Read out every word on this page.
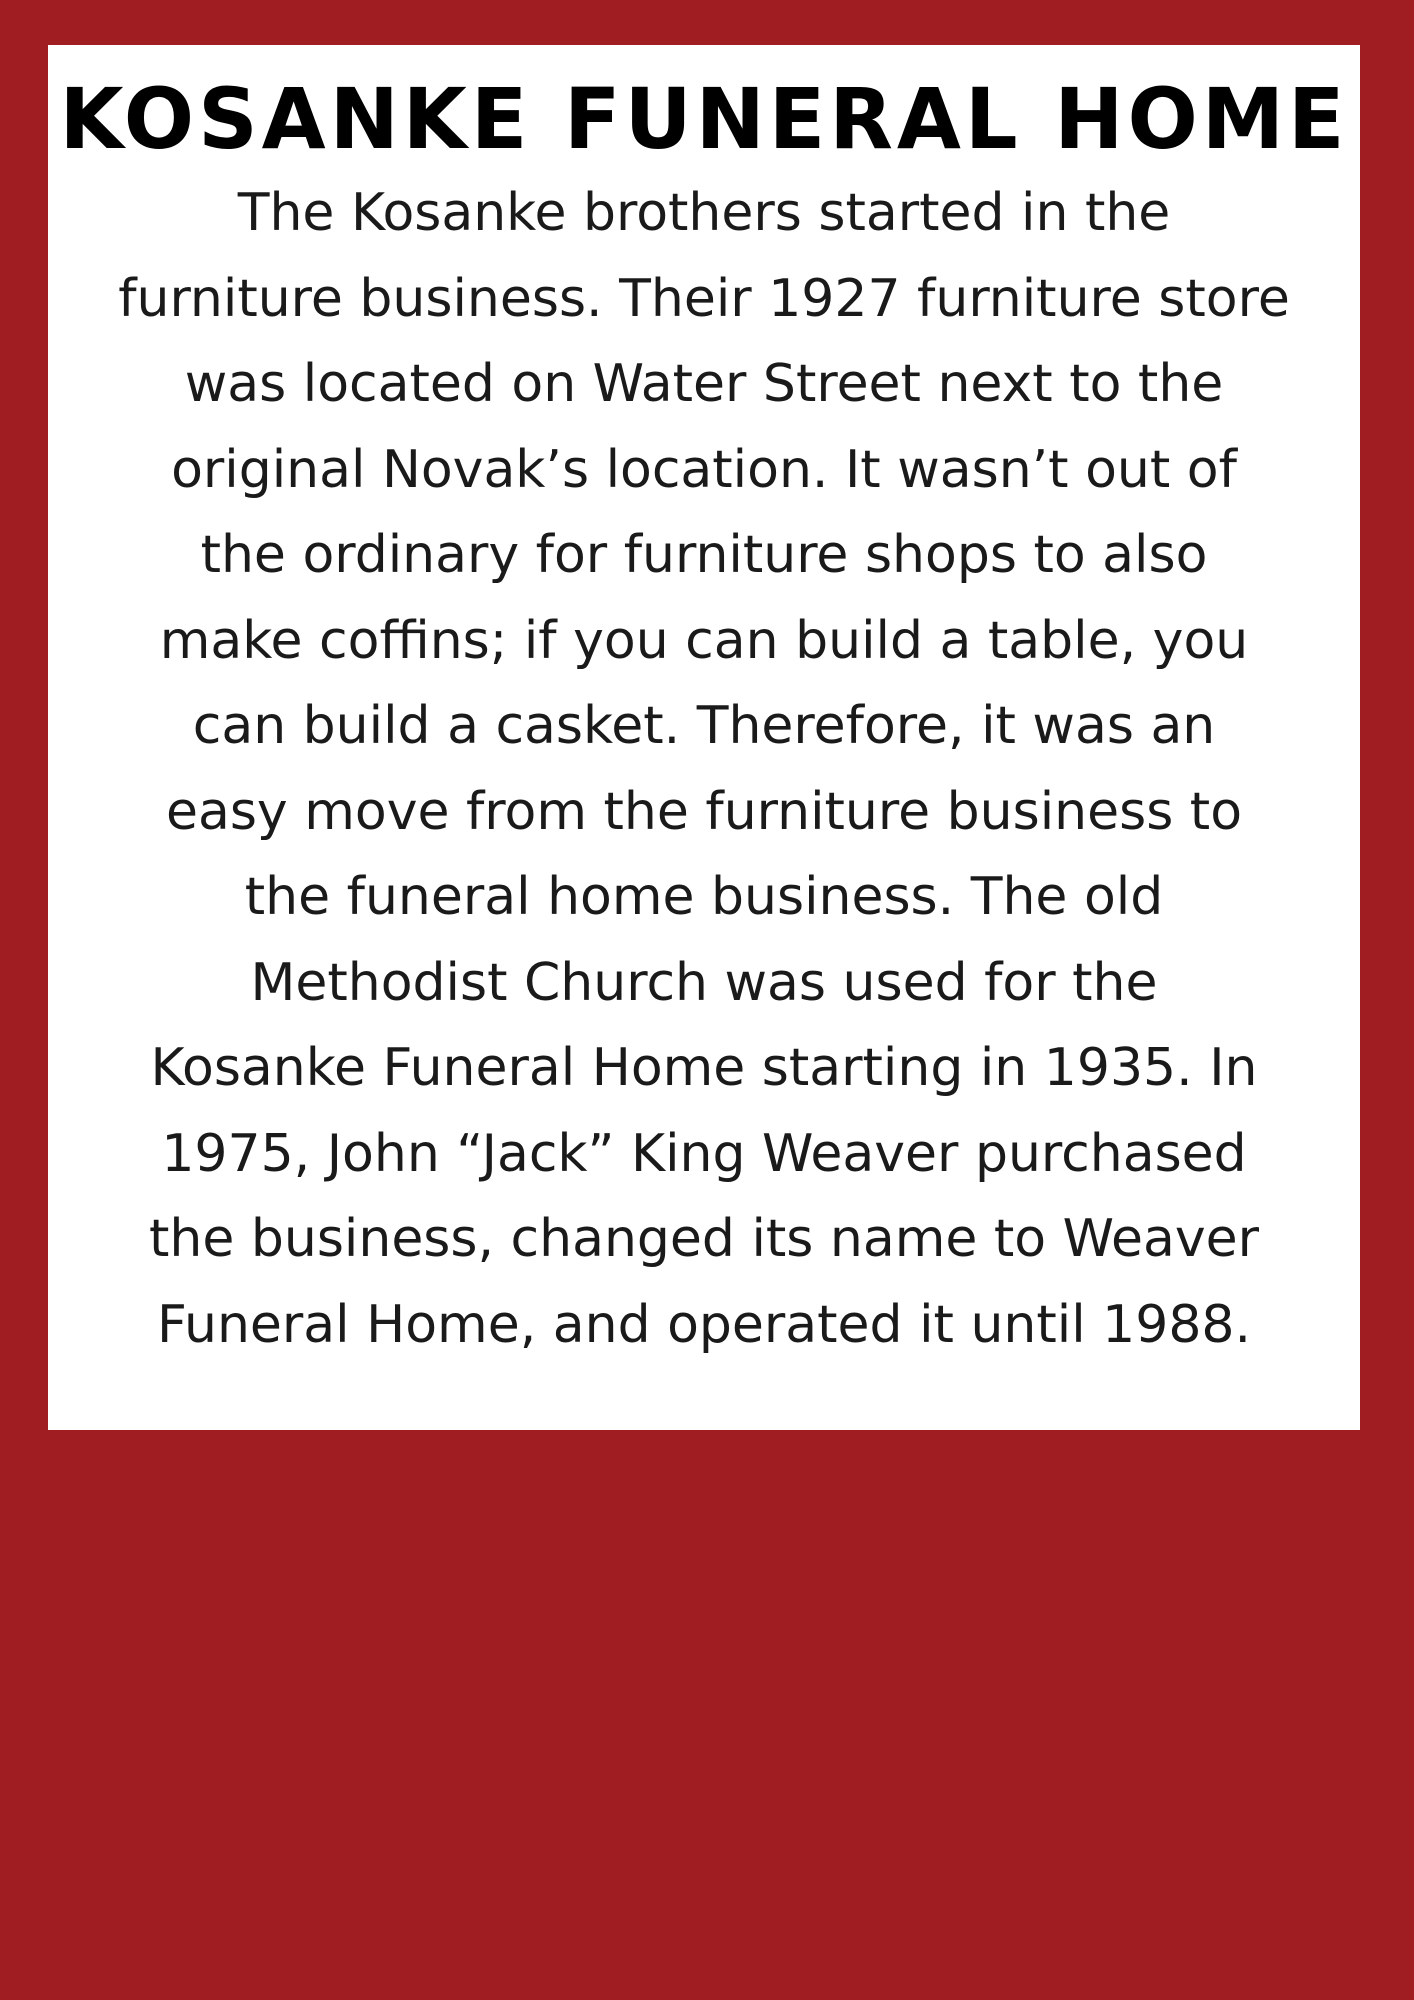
KOSANKE FUNERAL HOME
The Kosanke brothers started in the
furniture business. Their 1927 furniture store
was located on Water Street next to the
original Novak’s location. It wasn’t out of
the ordinary for furniture shops to also
make coffins; if you can build a table, you
can build a casket. Therefore, it was an
easy move from the furniture business to
the funeral home business. The old
Methodist Church was used for the
Kosanke Funeral Home starting in 1935. In
1975, John “Jack” King Weaver purchased
the business, changed its name to Weaver
Funeral Home, and operated it until 1988.
